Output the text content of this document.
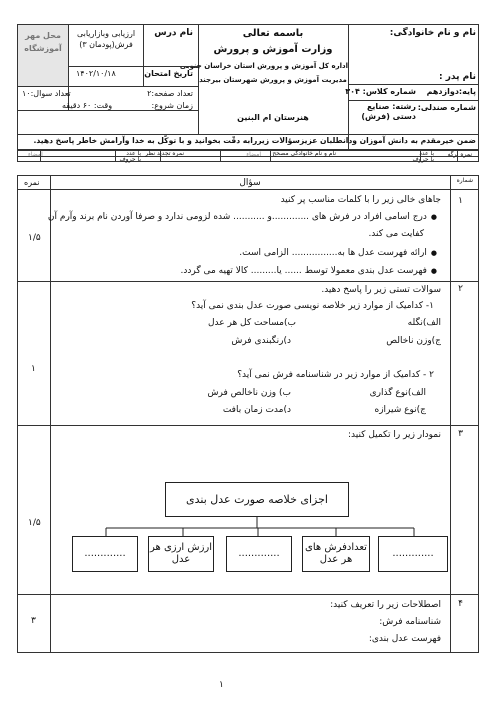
نام و نام خانوادگی:
نام پدر :
پایه:دوازدهم
شماره کلاس: ۳۰۴
شماره صندلی:
رشته: صنایع دستی (فرش)
باسمه تعالی
وزارت آموزش و پرورش
اداره کل آموزش و پرورش استان خراسان جنوبی
مدیریت آموزش و پرورش شهرستان بیرجند
هنرستان ام البنین
نام درس
ارزیابی وبازاریابی فرش(پودمان ۳)
تاریخ امتحان
۱۴۰۲/۱۰/۱۸
تعداد صفحه:۲
تعداد سوال:۱۰
زمان شروع:
وقت: ۶۰ دقیقه
محل مهر آموزشگاه
ضمن خیرمقدم به دانش آموزان ودانطلبان عزیزسؤالات زیررابه دقّت بخوانید و با توکّل به خدا وآرامش خاطر پاسخ دهید.
نمره برگه
با عدد
با حروف
نام و نام خانوادگی مصحح
امضاء
نمره تجدید نظر
با عدد
با حروف
امضاء
شماره
سؤال
نمره
۱
۱/۵
جاهای خالی زیر را با کلمات مناسب پر کنید
● درج اسامی افراد در فرش های .............و ........... شده لزومی ندارد و صرفا آوردن نام برند وآرم آن
کفایت می کند.
● ارائه فهرست عدل ها به................ الزامی است.
● فهرست عدل بندی معمولا توسط ...... یا......... کالا تهیه می گردد.
۲
۱
سوالات تستی زیر را پاسخ دهید.
۱- کدامیک از موارد زیر خلاصه نویسی صورت عدل بندی نمی آید؟
الف)نگله
ب)مساحت کل هر عدل
ج)وزن ناخالص
د)رنگبندی فرش
۲ - کدامیک از موارد زیر در شناسنامه فرش نمی آید؟
الف)نوع گذاری
ب) وزن ناخالص فرش
ج)نوع شیرازه
د)مدت زمان بافت
۳
۱/۵
نمودار زیر را تکمیل کنید:
اجزای خلاصه صورت عدل بندی
.............
تعدادفرش های هر عدل
.............
ارزش ارزی هر عدل
.............
۴
۳
اصطلاحات زیر را تعریف کنید:
شناسنامه فرش:
فهرست عدل بندی:
۱
